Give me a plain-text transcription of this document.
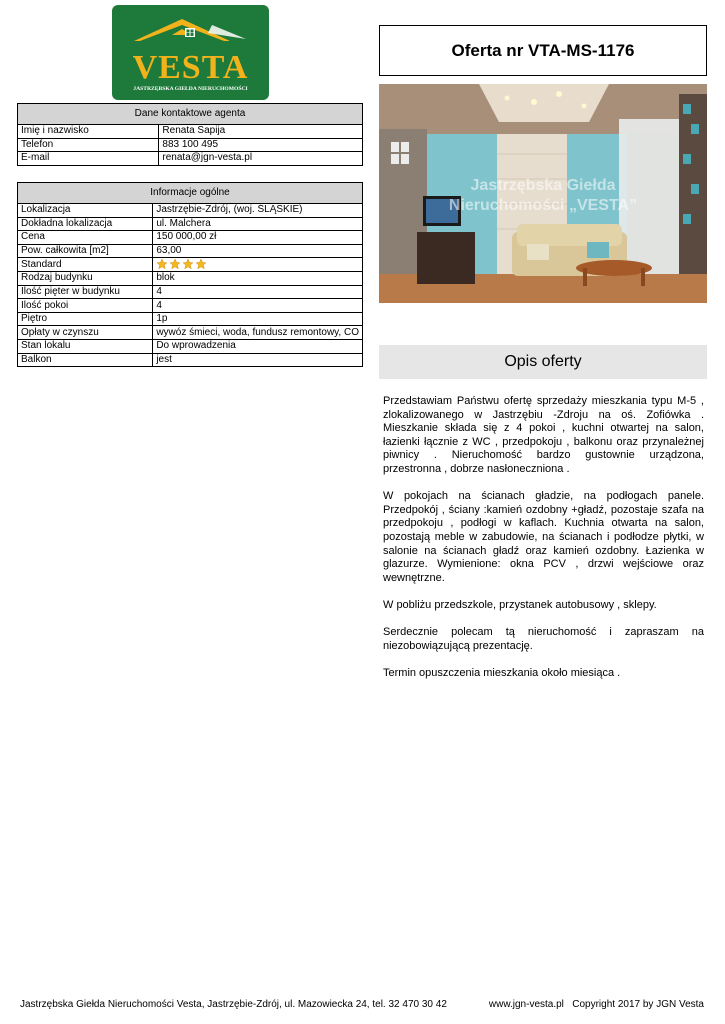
VESTA
JASTRZĘBSKA GIEŁDA NIERUCHOMOŚCI
Dane kontaktowe agenta	
Imię i nazwisko	Renata Sapija
Telefon	883 100 495
E-mail	renata@jgn-vesta.pl
Informacje ogólne	
Lokalizacja	Jastrzębie-Zdrój, (woj. ŚLĄSKIE)
Dokładna lokalizacja	ul. Malchera
Cena	150 000,00 zł
Pow. całkowita [m2]	63,00
Standard	

Rodzaj budynku	blok
Ilość pięter w budynku	4
Ilość pokoi	4
Piętro	1p
Opłaty w czynszu	wywóz śmieci, woda, fundusz remontowy, CO
Stan lokalu	Do wprowadzenia
Balkon	jest
Oferta nr VTA-MS-1176
Jastrzębska Giełda
Nieruchomości „VESTA”
Opis oferty

Przedstawiam Państwu ofertę sprzedaży mieszkania typu M-5 , zlokalizowanego w Jastrzębiu -Zdroju na oś. Zofiówka . Mieszkanie składa się z 4 pokoi , kuchni otwartej na salon, łazienki łącznie z WC , przedpokoju , balkonu oraz przynależnej piwnicy . Nieruchomość bardzo gustownie urządzona, przestronna , dobrze nasłoneczniona .

W pokojach na ścianach gładzie, na podłogach panele. Przedpokój , ściany :kamień ozdobny +gładź, pozostaje szafa na przedpokoju , podłogi w kaflach. Kuchnia otwarta na salon, pozostają meble w zabudowie, na ścianach i podłodze płytki, w salonie na ścianach gładź oraz kamień ozdobny. Łazienka w glazurze. Wymienione: okna PCV , drzwi wejściowe oraz wewnętrzne.

W pobliżu przedszkole, przystanek autobusowy , sklepy.

Serdecznie polecam tą nieruchomość i zapraszam na niezobowiązującą prezentację.

Termin opuszczenia mieszkania około miesiąca .

Jastrzębska Giełda Nieruchomości Vesta, Jastrzębie-Zdrój, ul. Mazowiecka 24, tel. 32 470 30 42	www.jgn-vesta.pl Copyright 2017 by JGN Vesta
